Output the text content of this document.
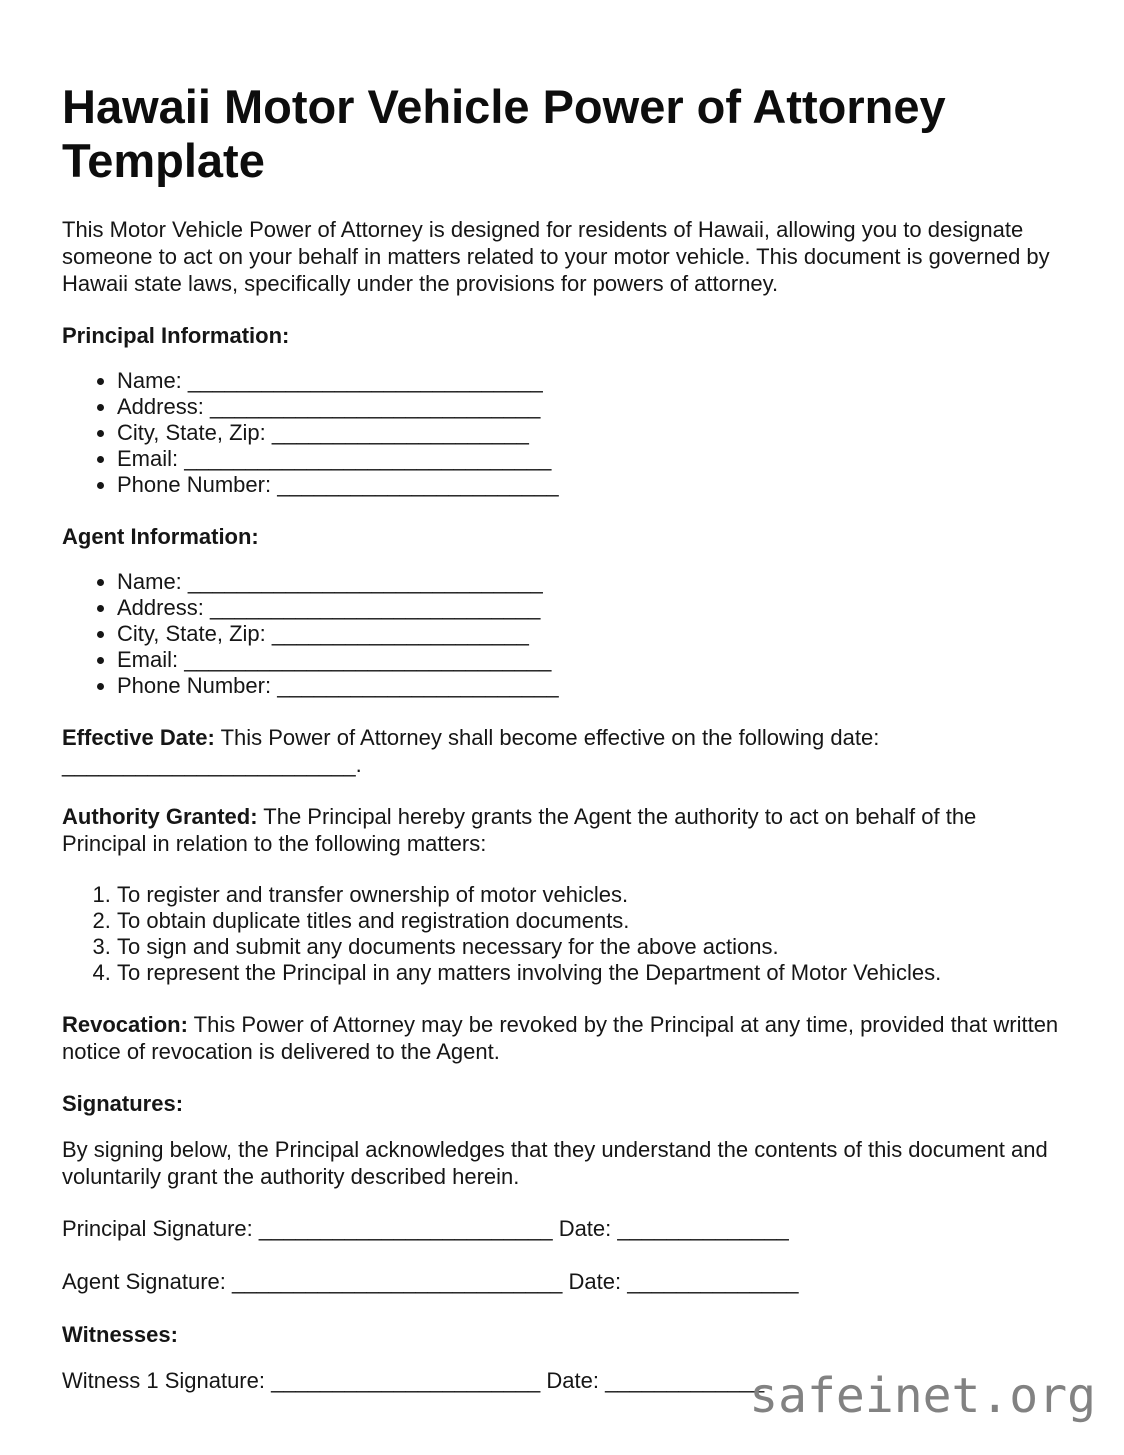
Hawaii Motor Vehicle Power of Attorney Template

This Motor Vehicle Power of Attorney is designed for residents of Hawaii, allowing you to designate someone to act on your behalf in matters related to your motor vehicle. This document is governed by Hawaii state laws, specifically under the provisions for powers of attorney.

Principal Information:

• Name: _____________________________
• Address: ___________________________
• City, State, Zip: _____________________
• Email: ______________________________
• Phone Number: _______________________

Agent Information:

• Name: _____________________________
• Address: ___________________________
• City, State, Zip: _____________________
• Email: ______________________________
• Phone Number: _______________________

Effective Date: This Power of Attorney shall become effective on the following date: ________________________.

Authority Granted: The Principal hereby grants the Agent the authority to act on behalf of the Principal in relation to the following matters:

1. To register and transfer ownership of motor vehicles.
2. To obtain duplicate titles and registration documents.
3. To sign and submit any documents necessary for the above actions.
4. To represent the Principal in any matters involving the Department of Motor Vehicles.

Revocation: This Power of Attorney may be revoked by the Principal at any time, provided that written notice of revocation is delivered to the Agent.

Signatures:

By signing below, the Principal acknowledges that they understand the contents of this document and voluntarily grant the authority described herein.

Principal Signature: ________________________ Date: ______________
Agent Signature: ___________________________ Date: ______________

Witnesses:

Witness 1 Signature: ______________________ Date: _____________
safeinet.org
